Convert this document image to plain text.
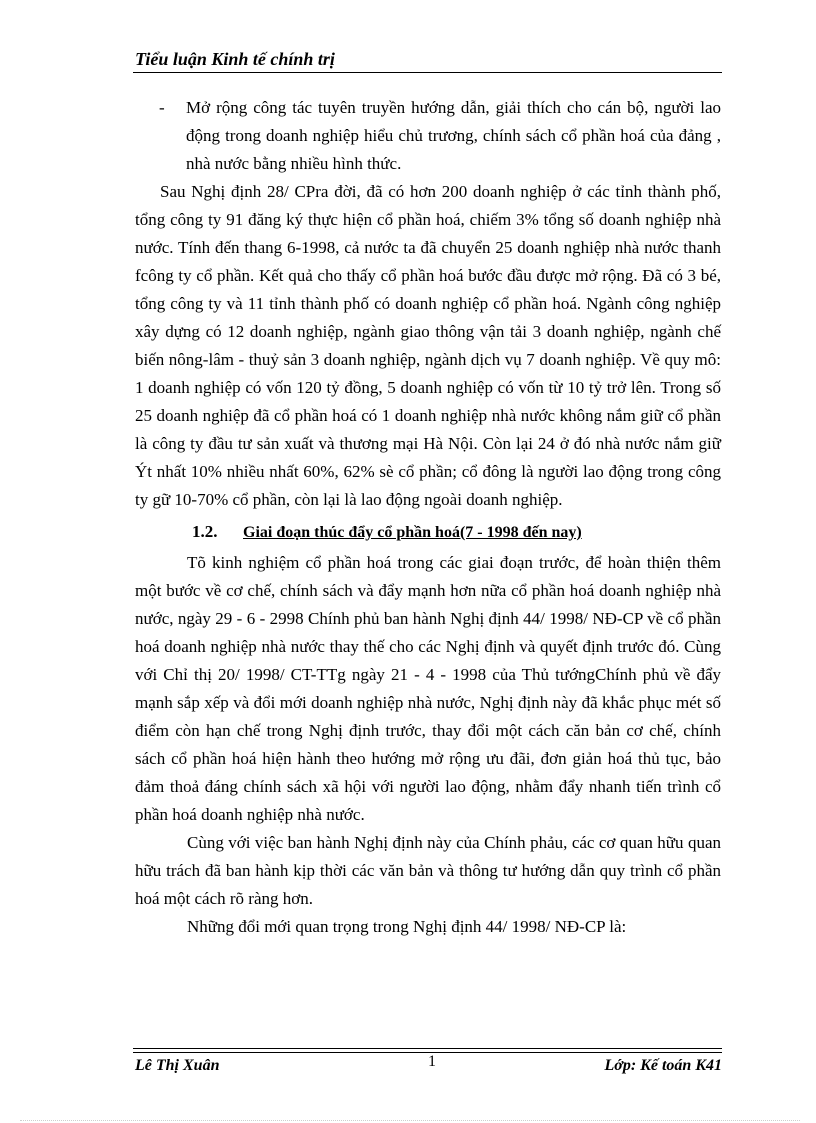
Tiểu luận Kinh tế chính trị
- Mở rộng công tác tuyên truyền hướng dẫn, giải thích cho cán bộ, người lao động trong doanh nghiệp hiểu chủ trương, chính sách cổ phần hoá của đảng , nhà nước bằng nhiều hình thức.

Sau Nghị định 28/ CPra đời, đã có hơn 200 doanh nghiệp ở các tỉnh thành phố, tổng công ty 91 đăng ký thực hiện cổ phần hoá, chiếm 3% tổng số doanh nghiệp nhà nước. Tính đến thang 6-1998, cả nước ta đã chuyển 25 doanh nghiệp nhà nước thanh fcông ty cổ phần. Kết quả cho thấy cổ phần hoá bước đầu được mở rộng. Đã có 3 bé, tổng công ty và 11 tỉnh thành phố có doanh nghiệp cổ phần hoá. Ngành công nghiệp xây dựng có 12 doanh nghiệp, ngành giao thông vận tải 3 doanh nghiệp, ngành chế biến nông-lâm - thuỷ sản 3 doanh nghiệp, ngành dịch vụ 7 doanh nghiệp. Về quy mô: 1 doanh nghiệp có vốn 120 tỷ đồng, 5 doanh nghiệp có vốn từ 10 tỷ trở lên. Trong số 25 doanh nghiệp đã cổ phần hoá có 1 doanh nghiệp nhà nước không nắm giữ cổ phần là công ty đầu tư sản xuất và thương mại Hà Nội. Còn lại 24 ở đó nhà nước nắm giữ Ýt nhất 10% nhiều nhất 60%, 62% sè cổ phần; cổ đông là người lao động trong công ty gữ 10-70% cổ phần, còn lại là lao động ngoài doanh nghiệp.

1.2. Giai đoạn thúc đẩy cổ phần hoá(7 - 1998 đến nay)

Tõ kinh nghiệm cổ phần hoá trong các giai đoạn trước, để hoàn thiện thêm một bước về cơ chế, chính sách và đẩy mạnh hơn nữa cổ phần hoá doanh nghiệp nhà nước, ngày 29 - 6 - 2998 Chính phủ ban hành Nghị định 44/ 1998/ NĐ-CP về cổ phần hoá doanh nghiệp nhà nước thay thế cho các Nghị định và quyết định trước đó. Cùng với Chỉ thị 20/ 1998/ CT-TTg ngày 21 - 4 - 1998 của Thủ tướngChính phủ về đẩy mạnh sắp xếp và đổi mới doanh nghiệp nhà nước, Nghị định này đã khắc phục mét số điểm còn hạn chế trong Nghị định trước, thay đổi một cách căn bản cơ chế, chính sách cổ phần hoá hiện hành theo hướng mở rộng ưu đãi, đơn giản hoá thủ tục, bảo đảm thoả đáng chính sách xã hội với người lao động, nhằm đẩy nhanh tiến trình cổ phần hoá doanh nghiệp nhà nước.

Cùng với việc ban hành Nghị định này của Chính phảu, các cơ quan hữu quan hữu trách đã ban hành kịp thời các văn bản và thông tư hướng dẫn quy trình cổ phần hoá một cách rõ ràng hơn.

Những đổi mới quan trọng trong Nghị định 44/ 1998/ NĐ-CP là:

Lê Thị Xuân	1	Lớp: Kế toán K41
